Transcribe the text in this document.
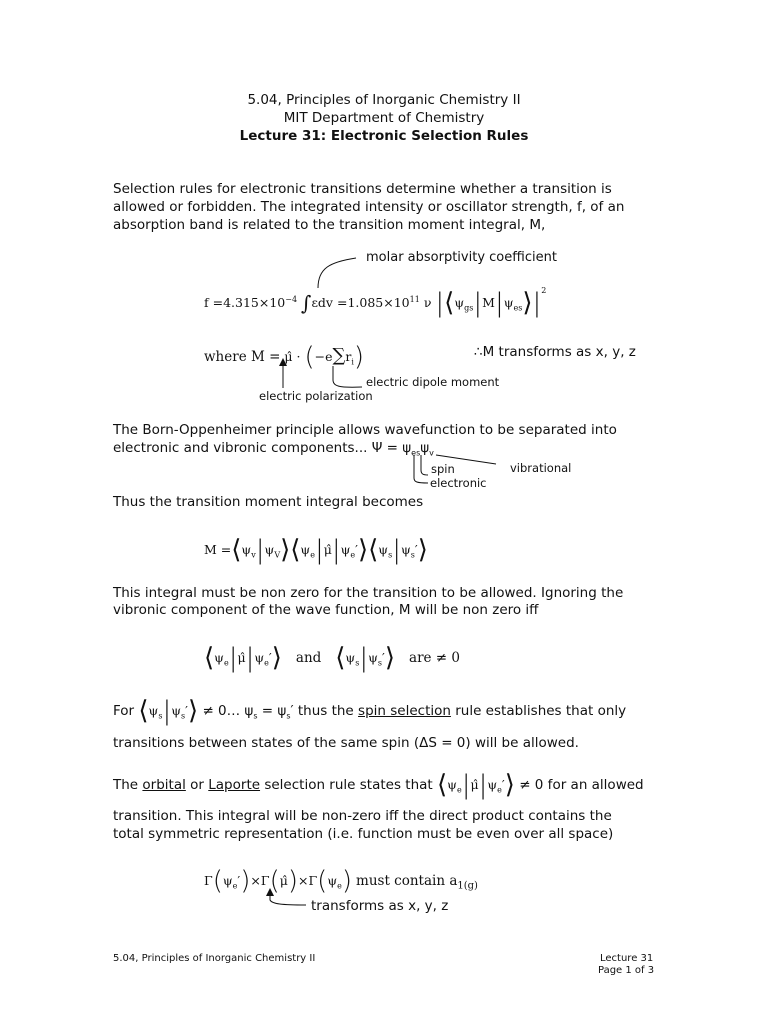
5.04, Principles of Inorganic Chemistry II
MIT Department of Chemistry
Lecture 31: Electronic Selection Rules
Selection rules for electronic transitions determine whether a transition is
allowed or forbidden. The integrated intensity or oscillator strength, f, of an
absorption band is related to the transition moment integral, M,
molar absorptivity coefficient
$f =4.315\times 10^{-4}$ $\int\varepsilon dv =1.085\times 10^{11}$ ν $|⟨\psi_{gs}|M|\psi_{es}⟩|^2$
where M = μ̂ · $(-e\sum r_i)$	∴M transforms as x, y, z
electric dipole moment
electric polarization
The Born-Oppenheimer principle allows wavefunction to be separated into
electronic and vibronic components... $\Psi = \psi_{es}\psi_v$
spin	vibrational
electronic
Thus the transition moment integral becomes
$M =⟨\psi_v|\psi_V⟩⟨\psi_e|\mû|\psi_e'⟩⟨\psi_s|\psi_s'⟩$
This integral must be non zero for the transition to be allowed. Ignoring the
vibronic component of the wave function, M will be non zero iff
$⟨\psi_e|\mû|\psi_e'⟩$ and $⟨\psi_s|\psi_s'⟩$ are ≠ 0
For $⟨\psi_s|\psi_s'⟩$ ≠ 0… $\psi_s = \psi_s'$ thus the spin selection rule establishes that only
transitions between states of the same spin (ΔS = 0) will be allowed.
The orbital or Laporte selection rule states that $⟨\psi_e|\mû|\psi_e'⟩ \ne 0$ for an allowed
transition. This integral will be non-zero iff the direct product contains the
total symmetric representation (i.e. function must be even over all space)
$\Gamma(\psi_e')\times\Gamma(\mû)\times\Gamma(\psi_e)$ must contain $a_{1(g)}$
transforms as x, y, z
5.04, Principles of Inorganic Chemistry II	Lecture 31
Page 1 of 3
